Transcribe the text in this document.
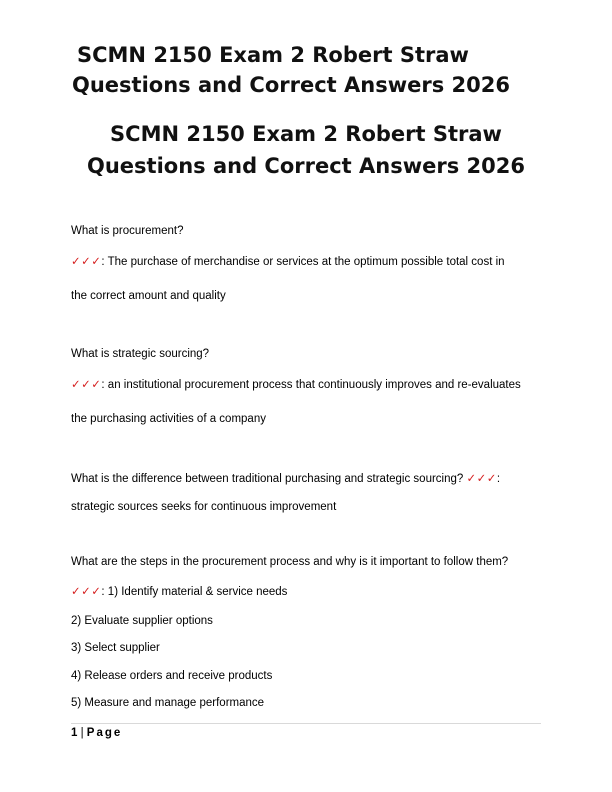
SCMN 2150 Exam 2 Robert Straw
Questions and Correct Answers 2026
SCMN 2150 Exam 2 Robert Straw
Questions and Correct Answers 2026
What is procurement?
✓✓✓: The purchase of merchandise or services at the optimum possible total cost in
the correct amount and quality
What is strategic sourcing?
✓✓✓: an institutional procurement process that continuously improves and re-evaluates
the purchasing activities of a company
What is the difference between traditional purchasing and strategic sourcing? ✓✓✓:
strategic sources seeks for continuous improvement
What are the steps in the procurement process and why is it important to follow them?
✓✓✓: 1) Identify material & service needs
2) Evaluate supplier options
3) Select supplier
4) Release orders and receive products
5) Measure and manage performance
1 | Page
